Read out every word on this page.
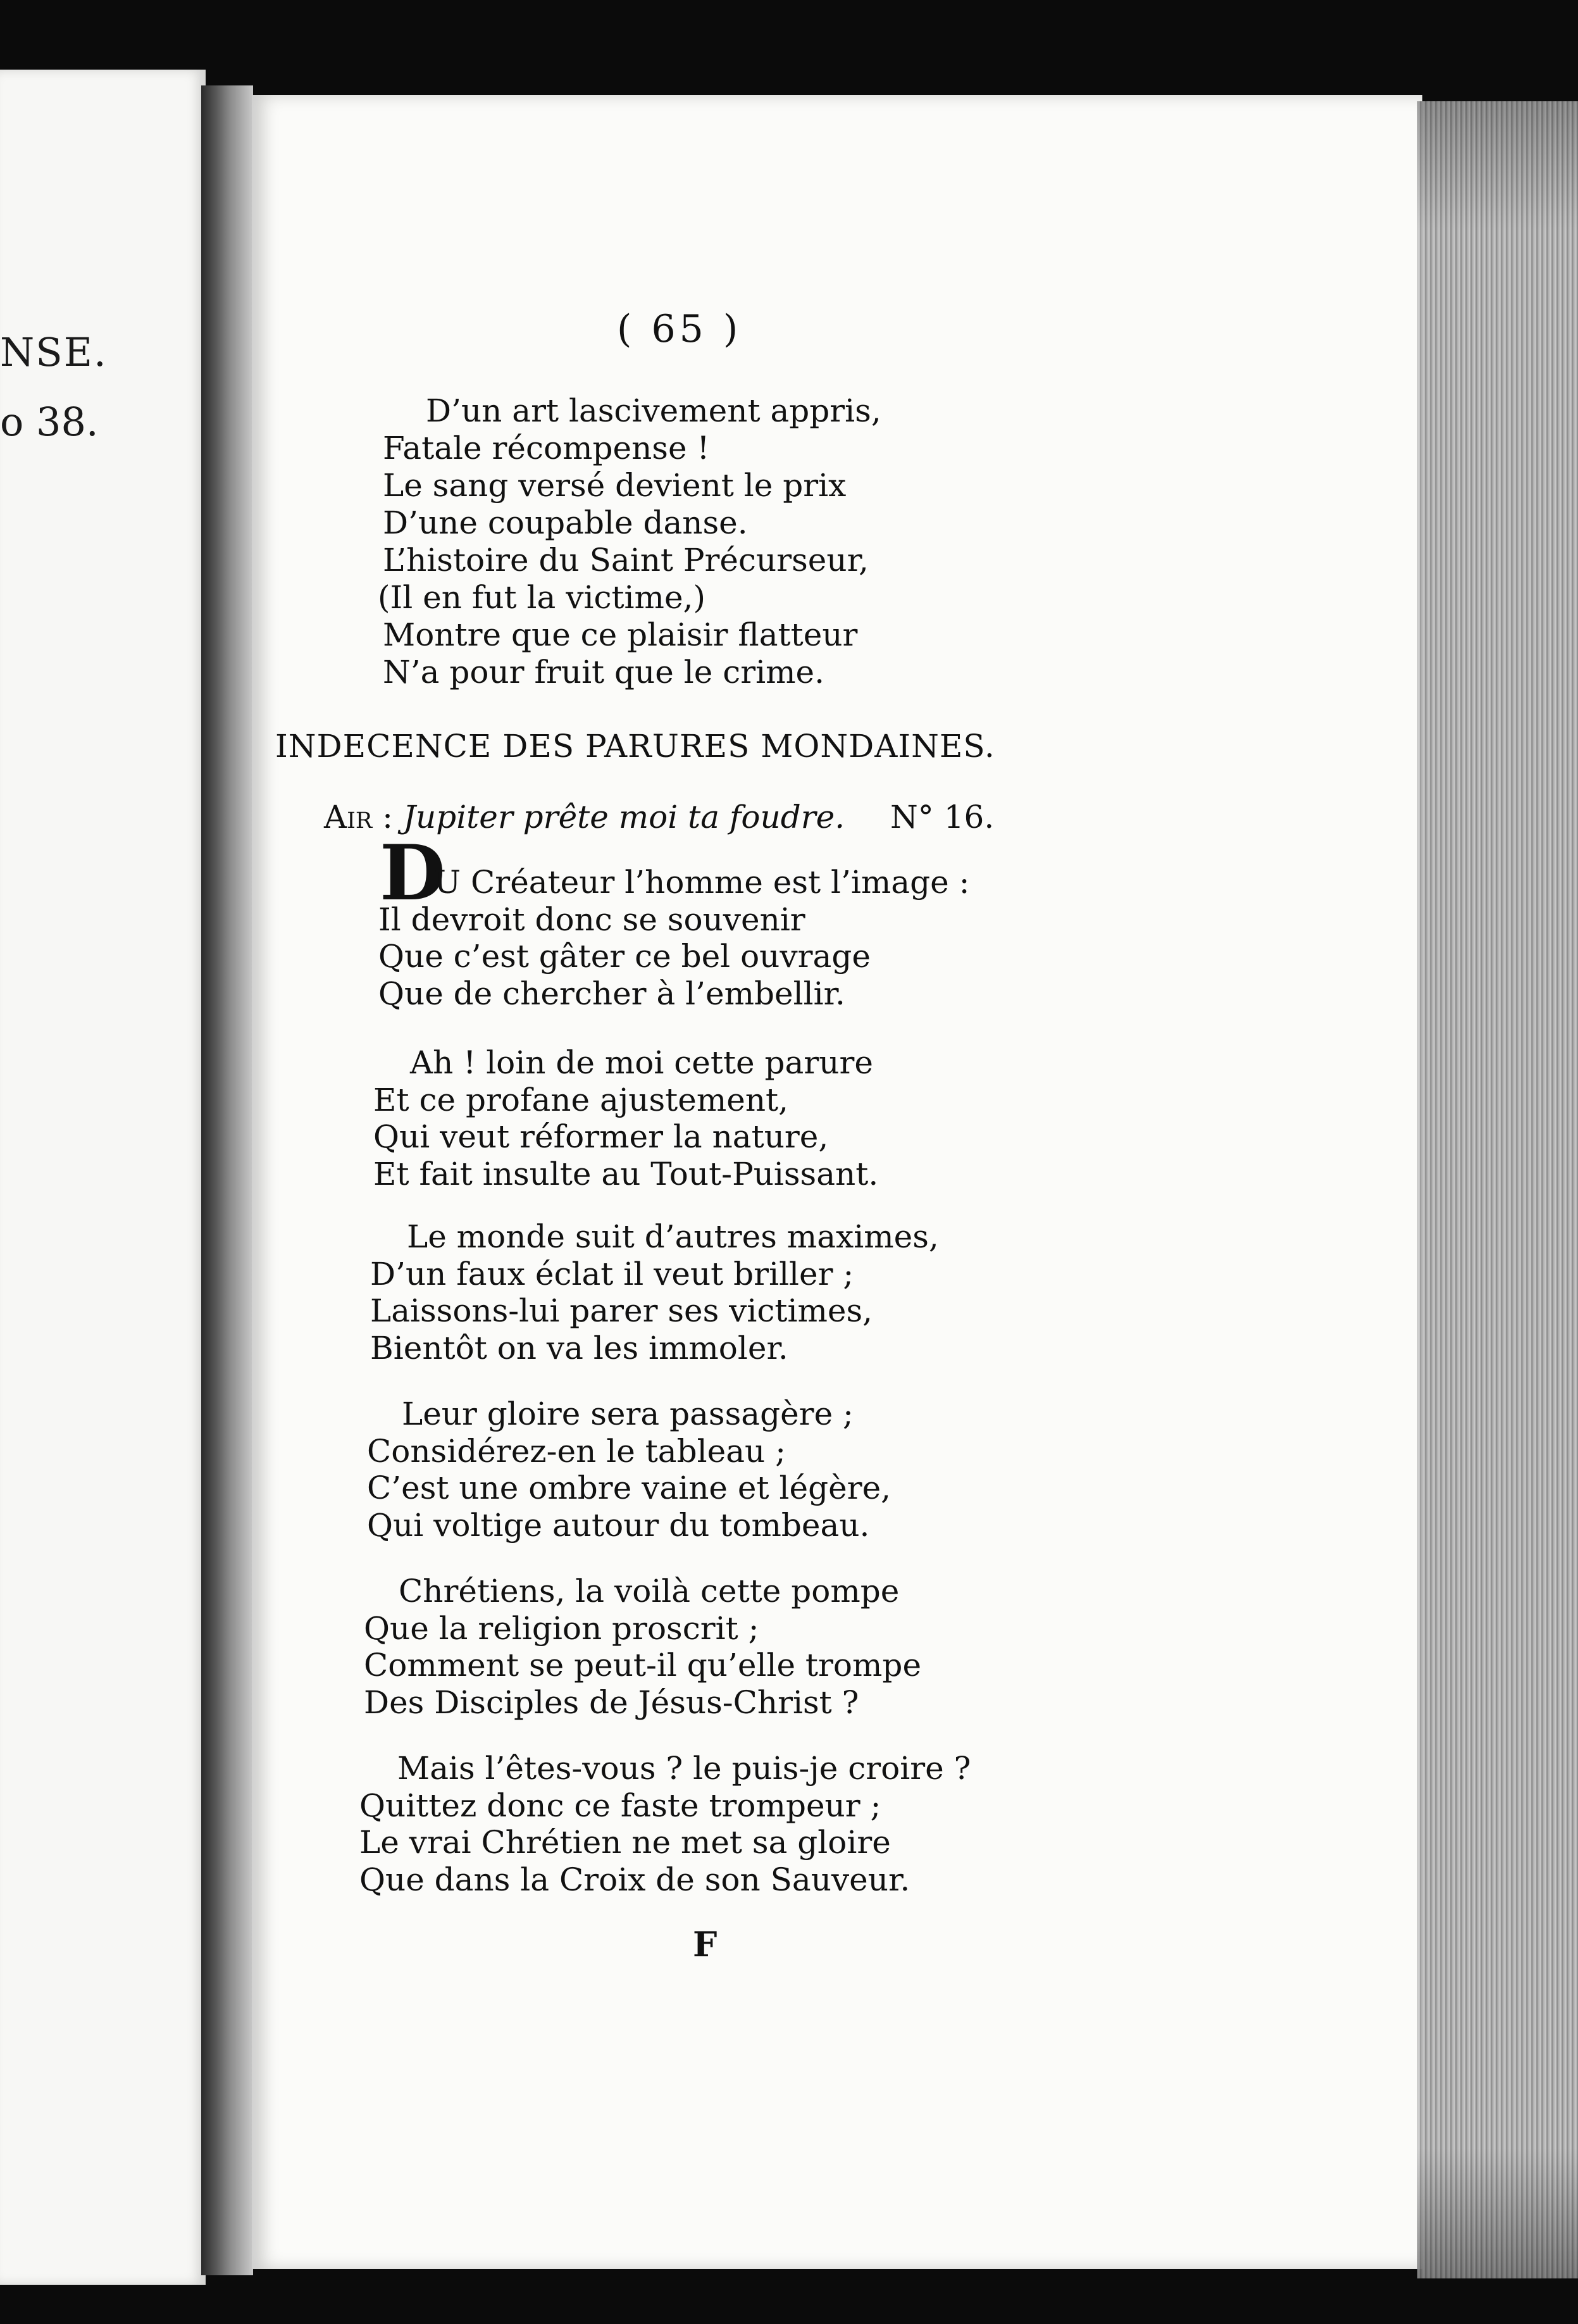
NSE.
o 38.
( 65 )
D’un art lascivement appris,
Fatale récompense !
Le sang versé devient le prix
D’une coupable danse.
L’histoire du Saint Précurseur,
(Il en fut la victime,)
Montre que ce plaisir flatteur
N’a pour fruit que le crime.
INDECENCE DES PARURES MONDAINES.
Air : Jupiter prête moi ta foudre. N° 16.
D
U Créateur l’homme est l’image :
Il devroit donc se souvenir
Que c’est gâter ce bel ouvrage
Que de chercher à l’embellir.
Ah ! loin de moi cette parure
Et ce profane ajustement,
Qui veut réformer la nature,
Et fait insulte au Tout-Puissant.
Le monde suit d’autres maximes,
D’un faux éclat il veut briller ;
Laissons-lui parer ses victimes,
Bientôt on va les immoler.
Leur gloire sera passagère ;
Considérez-en le tableau ;
C’est une ombre vaine et légère,
Qui voltige autour du tombeau.
Chrétiens, la voilà cette pompe
Que la religion proscrit ;
Comment se peut-il qu’elle trompe
Des Disciples de Jésus-Christ ?
Mais l’êtes-vous ? le puis-je croire ?
Quittez donc ce faste trompeur ;
Le vrai Chrétien ne met sa gloire
Que dans la Croix de son Sauveur.
F
